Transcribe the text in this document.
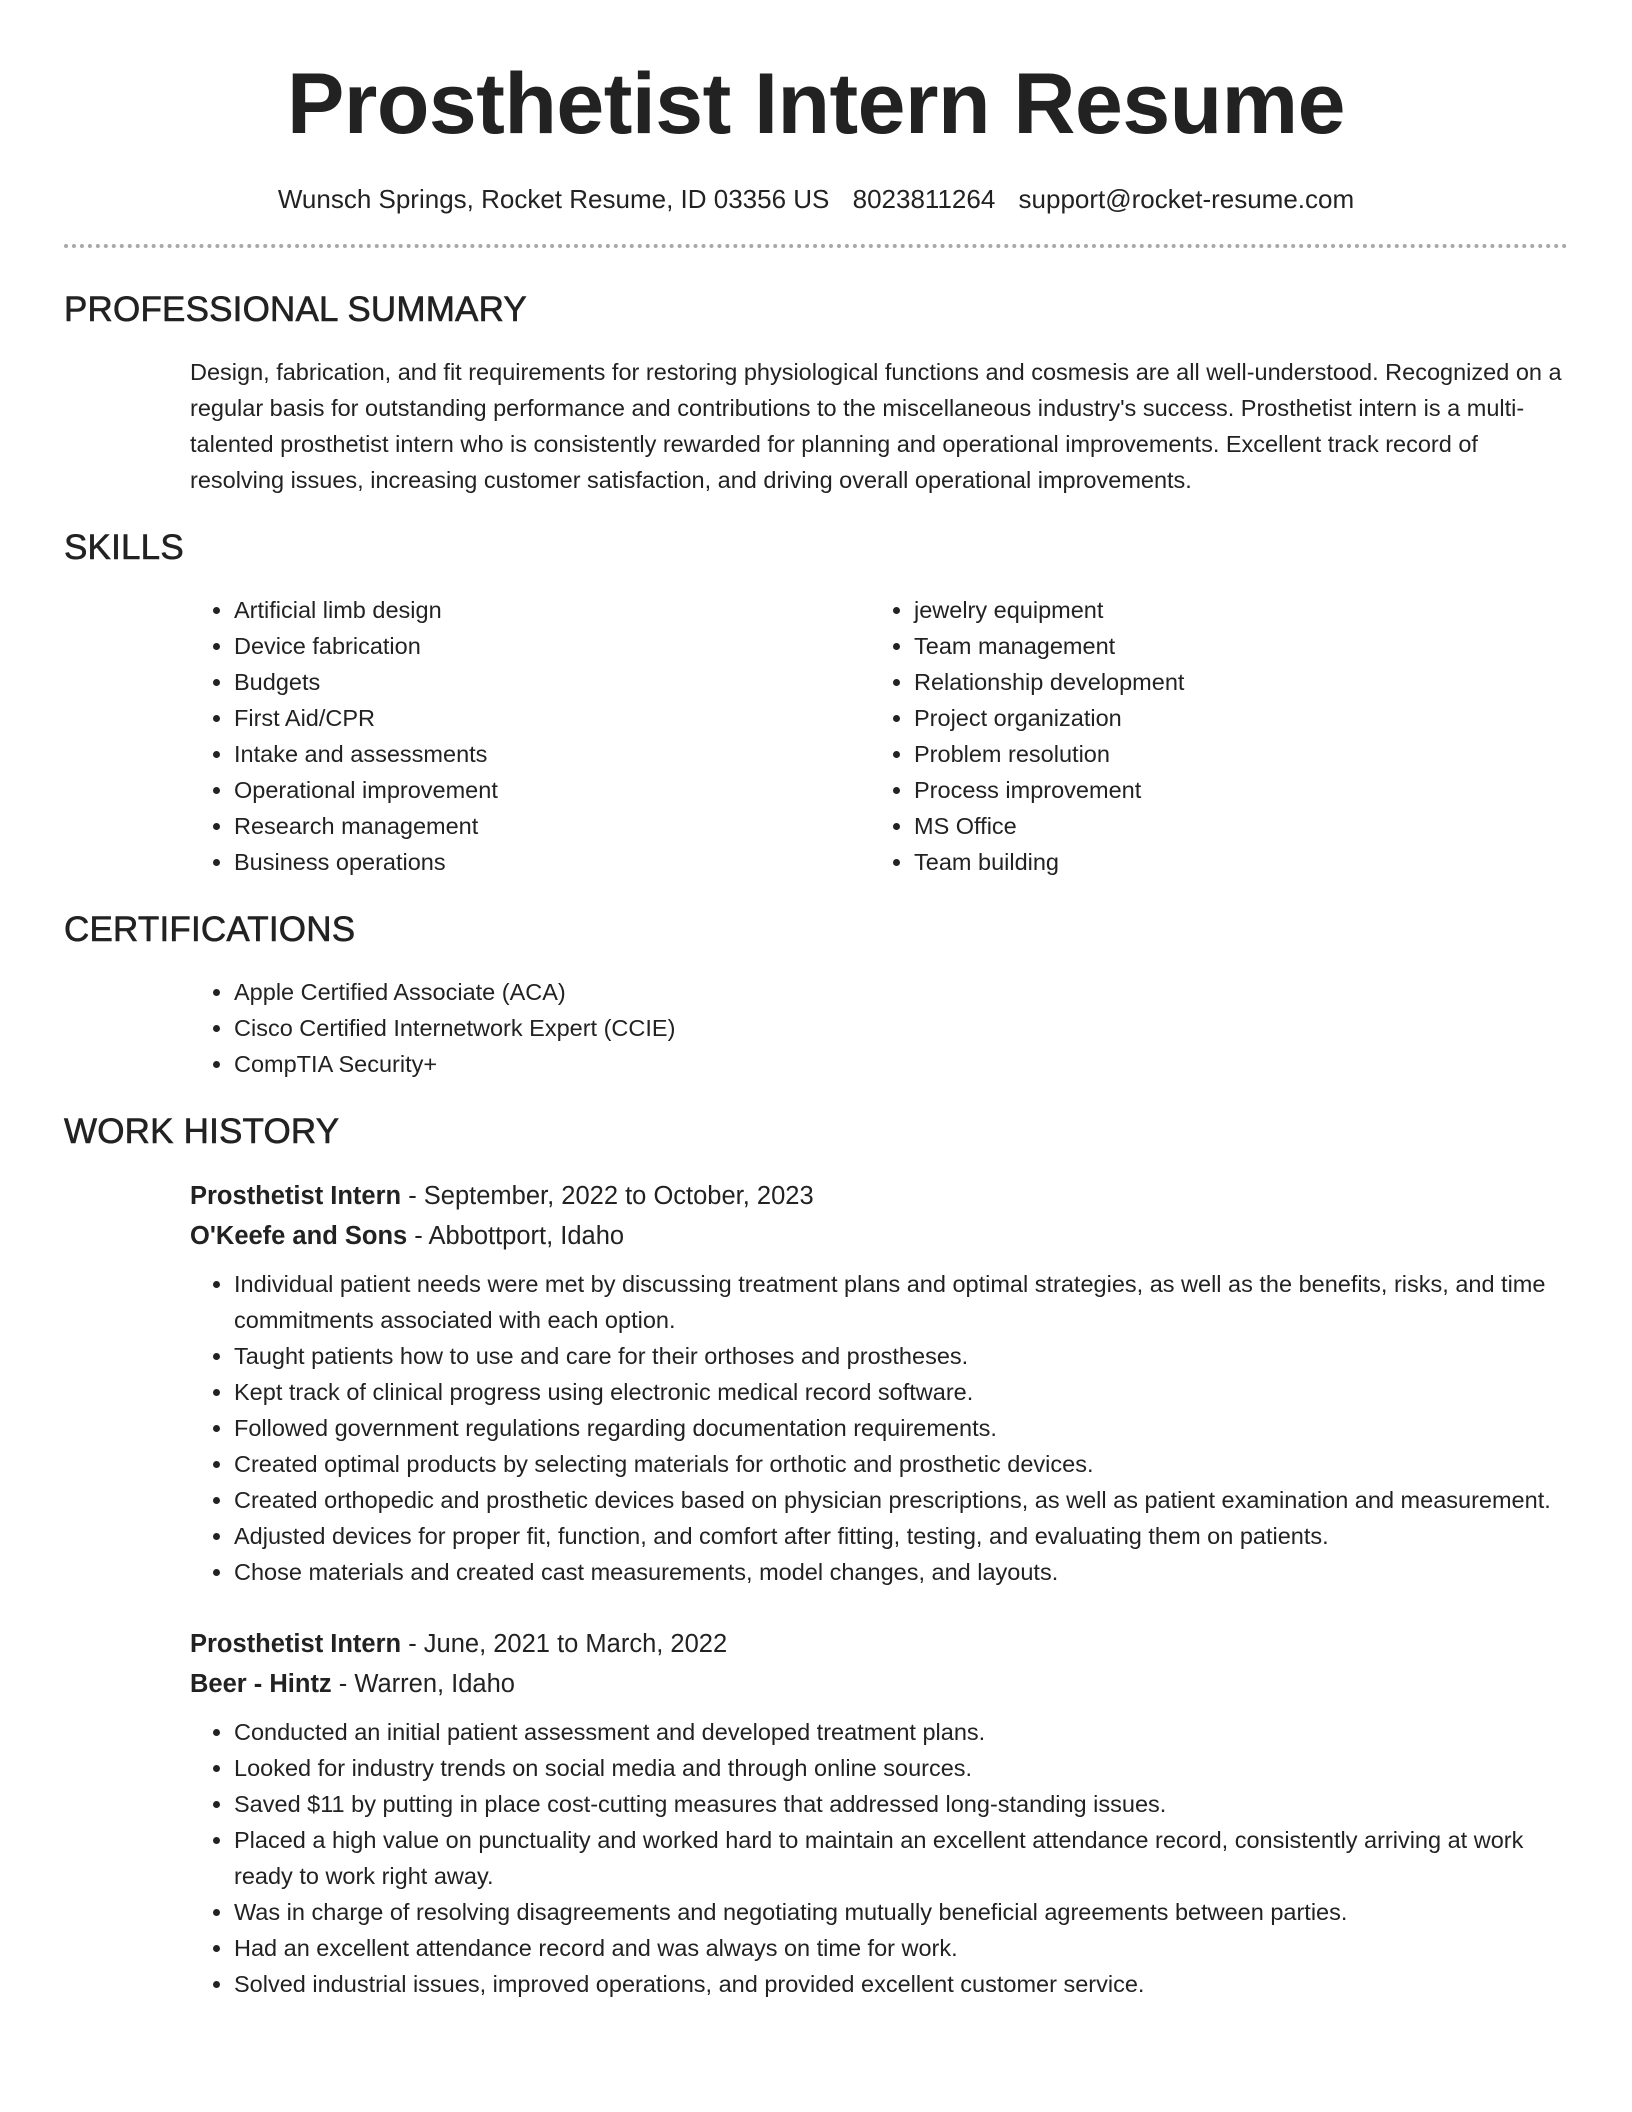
Prosthetist Intern Resume
Wunsch Springs, Rocket Resume, ID 03356 US 8023811264 support@rocket-resume.com
PROFESSIONAL SUMMARY

Design, fabrication, and fit requirements for restoring physiological functions and cosmesis are all well-understood. Recognized on a regular basis for outstanding performance and contributions to the miscellaneous industry's success. Prosthetist intern is a multi-talented prosthetist intern who is consistently rewarded for planning and operational improvements. Excellent track record of resolving issues, increasing customer satisfaction, and driving overall operational improvements.

SKILLS
• Artificial limb design
• Device fabrication
• Budgets
• First Aid/CPR
• Intake and assessments
• Operational improvement
• Research management
• Business operations
• jewelry equipment
• Team management
• Relationship development
• Project organization
• Problem resolution
• Process improvement
• MS Office
• Team building
CERTIFICATIONS
• Apple Certified Associate (ACA)
• Cisco Certified Internetwork Expert (CCIE)
• CompTIA Security+
WORK HISTORY
Prosthetist Intern - September, 2022 to October, 2023
O'Keefe and Sons - Abbottport, Idaho
• Individual patient needs were met by discussing treatment plans and optimal strategies, as well as the benefits, risks, and time commitments associated with each option.
• Taught patients how to use and care for their orthoses and prostheses.
• Kept track of clinical progress using electronic medical record software.
• Followed government regulations regarding documentation requirements.
• Created optimal products by selecting materials for orthotic and prosthetic devices.
• Created orthopedic and prosthetic devices based on physician prescriptions, as well as patient examination and measurement.
• Adjusted devices for proper fit, function, and comfort after fitting, testing, and evaluating them on patients.
• Chose materials and created cast measurements, model changes, and layouts.
Prosthetist Intern - June, 2021 to March, 2022
Beer - Hintz - Warren, Idaho
• Conducted an initial patient assessment and developed treatment plans.
• Looked for industry trends on social media and through online sources.
• Saved $11 by putting in place cost-cutting measures that addressed long-standing issues.
• Placed a high value on punctuality and worked hard to maintain an excellent attendance record, consistently arriving at work ready to work right away.
• Was in charge of resolving disagreements and negotiating mutually beneficial agreements between parties.
• Had an excellent attendance record and was always on time for work.
• Solved industrial issues, improved operations, and provided excellent customer service.
